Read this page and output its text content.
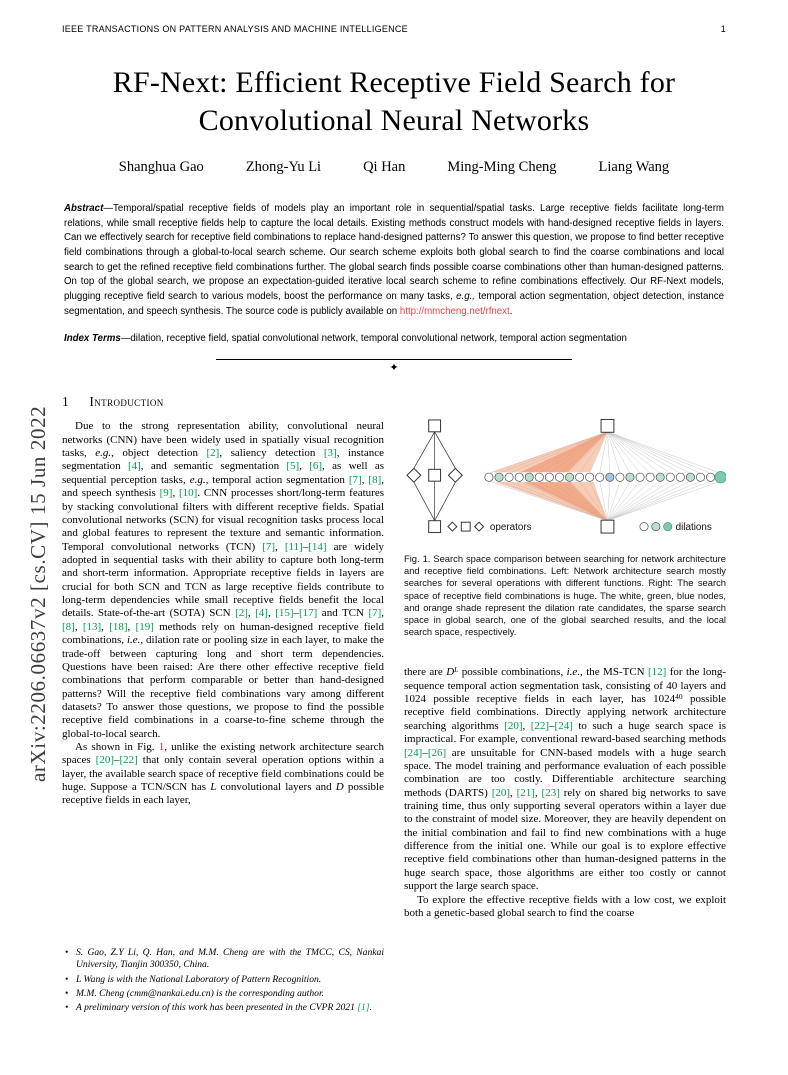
IEEE TRANSACTIONS ON PATTERN ANALYSIS AND MACHINE INTELLIGENCE	1
RF-Next: Efficient Receptive Field Search for Convolutional Neural Networks
Shanghua Gao	Zhong-Yu Li	Qi Han	Ming-Ming Cheng	Liang Wang

Abstract—Temporal/spatial receptive fields of models play an important role in sequential/spatial tasks. Large receptive fields facilitate long-term relations, while small receptive fields help to capture the local details. Existing methods construct models with hand-designed receptive fields in layers. Can we effectively search for receptive field combinations to replace hand-designed patterns? To answer this question, we propose to find better receptive field combinations through a global-to-local search scheme. Our search scheme exploits both global search to find the coarse combinations and local search to get the refined receptive field combinations further. The global search finds possible coarse combinations other than human-designed patterns. On top of the global search, we propose an expectation-guided iterative local search scheme to refine combinations effectively. Our RF-Next models, plugging receptive field search to various models, boost the performance on many tasks, e.g., temporal action segmentation, object detection, instance segmentation, and speech synthesis. The source code is publicly available on http://mmcheng.net/rfnext.

Index Terms—dilation, receptive field, spatial convolutional network, temporal convolutional network, temporal action segmentation

✦
1 Introduction

Due to the strong representation ability, convolutional neural networks (CNN) have been widely used in spatially visual recognition tasks, e.g., object detection [2], saliency detection [3], instance segmentation [4], and semantic segmentation [5], [6], as well as sequential perception tasks, e.g., temporal action segmentation [7], [8], and speech synthesis [9], [10]. CNN processes short/long-term features by stacking convolutional filters with different receptive fields. Spatial convolutional networks (SCN) for visual recognition tasks process local and global features to represent the texture and semantic information. Temporal convolutional networks (TCN) [7], [11]–[14] are widely adopted in sequential tasks with their ability to capture both long-term and short-term information. Appropriate receptive fields in layers are crucial for both SCN and TCN as large receptive fields contribute to long-term dependencies while small receptive fields benefit the local details. State-of-the-art (SOTA) SCN [2], [4], [15]–[17] and TCN [7], [8], [13], [18], [19] methods rely on human-designed receptive field combinations, i.e., dilation rate or pooling size in each layer, to make the trade-off between capturing long and short term dependencies. Questions have been raised: Are there other effective receptive field combinations that perform comparable or better than hand-designed patterns? Will the receptive field combinations vary among different datasets? To answer those questions, we propose to find the possible receptive field combinations in a coarse-to-fine scheme through the global-to-local search.

As shown in Fig. 1, unlike the existing network architecture search spaces [20]–[22] that only contain several operation options within a layer, the available search space of receptive field combinations could be huge. Suppose a TCN/SCN has L convolutional layers and D possible receptive fields in each layer,

• S. Gao, Z.Y Li, Q. Han, and M.M. Cheng are with the TMCC, CS, Nankai University, Tianjin 300350, China.
• L Wang is with the National Laboratory of Pattern Recognition.
• M.M. Cheng (cmm@nankai.edu.cn) is the corresponding author.
• A preliminary version of this work has been presented in the CVPR 2021 [1].
operators	dilations

Fig. 1. Search space comparison between searching for network architecture and receptive field combinations. Left: Network architecture search mostly searches for several operations with different functions. Right: The search space of receptive field combinations is huge. The white, green, blue nodes, and orange shade represent the dilation rate candidates, the sparse search space in global search, one of the global searched results, and the local search space, respectively.

there are $D^L$ possible combinations, i.e., the MS-TCN [12] for the long-sequence temporal action segmentation task, consisting of 40 layers and 1024 possible receptive fields in each layer, has 1024$^{40}$ possible receptive field combinations. Directly applying network architecture searching algorithms [20], [22]–[24] to such a huge search space is impractical. For example, conventional reward-based searching methods [24]–[26] are unsuitable for CNN-based models with a huge search space. The model training and performance evaluation of each possible combination are too costly. Differentiable architecture searching methods (DARTS) [20], [21], [23] rely on shared big networks to save training time, thus only supporting several operators within a layer due to the constraint of model size. Moreover, they are heavily dependent on the initial combination and fail to find new combinations with a huge difference from the initial one. While our goal is to explore effective receptive field combinations other than human-designed patterns in the huge search space, those algorithms are either too costly or cannot support the large search space.

To explore the effective receptive fields with a low cost, we exploit both a genetic-based global search to find the coarse

arXiv:2206.06637v2 [cs.CV] 15 Jun 2022
